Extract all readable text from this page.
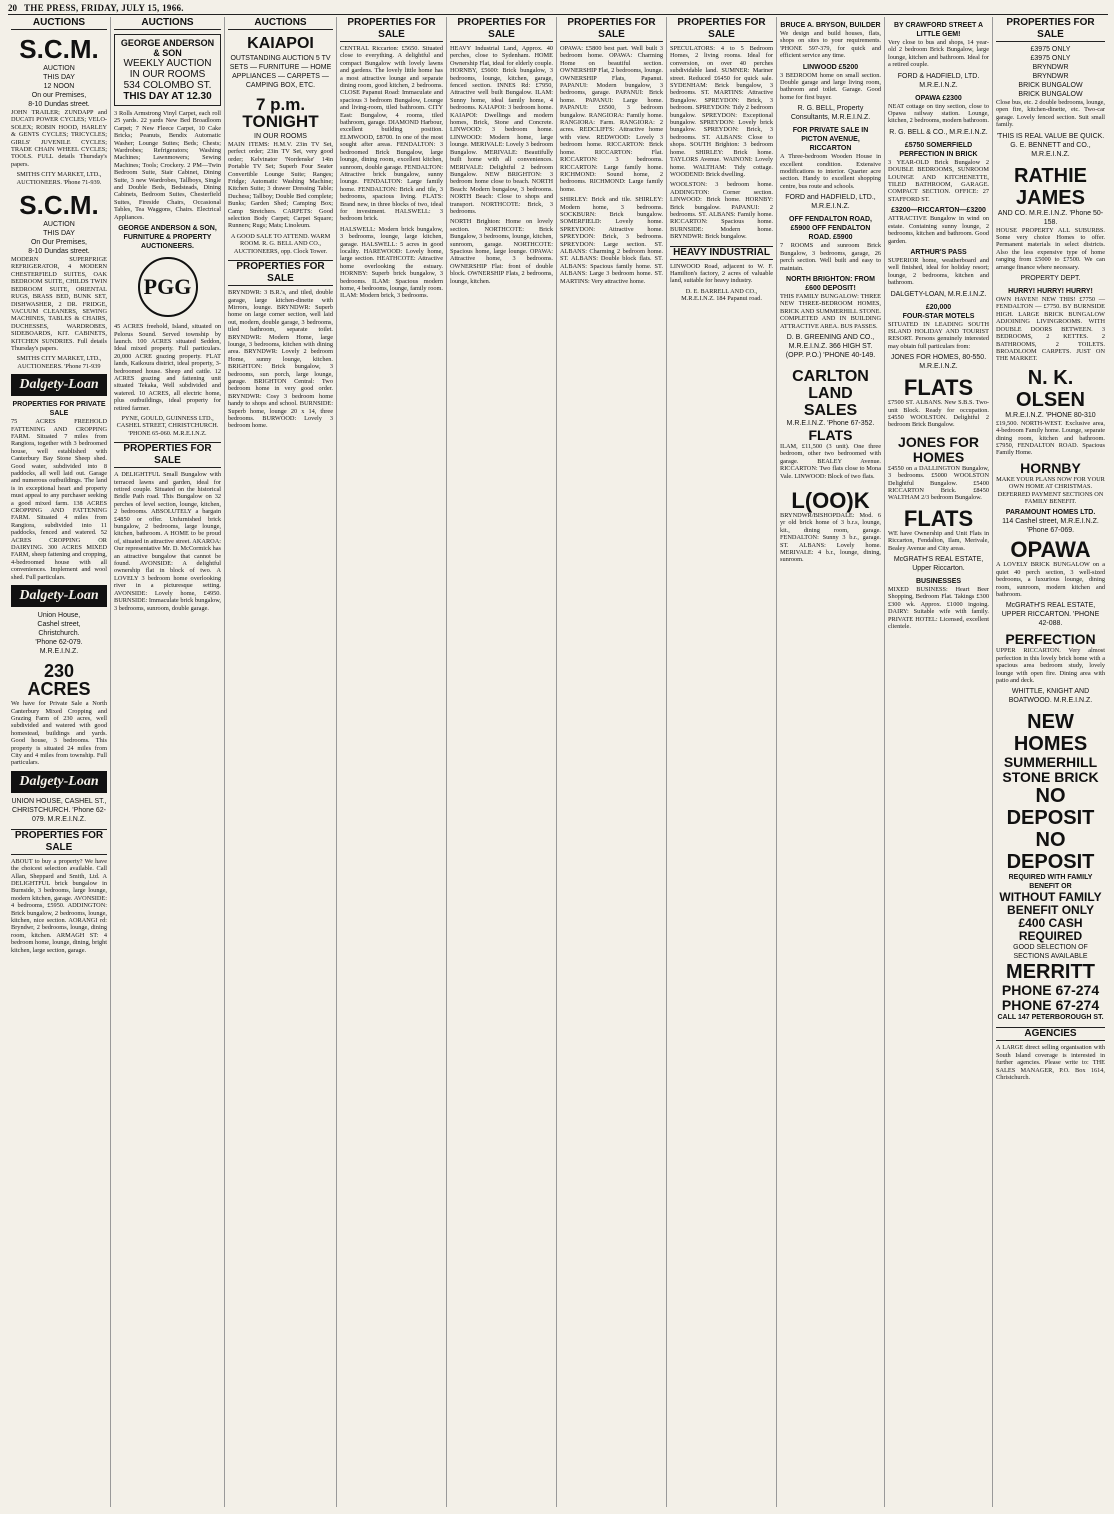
20 THE PRESS, FRIDAY, JULY 15, 1966.
AUCTIONS
S.C.M.
AUCTION
THIS DAY
12 NOON
On our Premises,
8-10 Dundas street.

JOHN TRAILER; ZUNDAPP and DUCATI POWER CYCLES; VELO-SOLEX; ROBIN HOOD, HARLEY & GENTS CYCLES; TRICYCLES; GIRLS' JUVENILE CYCLES; TRADE CHAIN WHEEL CYCLES; TOOLS. FULL details Thursday's papers.

SMITHS CITY MARKET, LTD., AUCTIONEERS. 'Phone 71-939.

S.C.M.
AUCTION
THIS DAY
On Our Premises,
8-10 Dundas street.

MODERN SUPERFRIGE REFRIGERATOR, 4 MODERN CHESTERFIELD SUITES, OAK BEDROOM SUITE, CHILDS TWIN BEDROOM SUITE, ORIENTAL RUGS, BRASS BED, BUNK SET, DISHWASHER, 2 DR. FRIDGE, VACUUM CLEANERS, SEWING MACHINES, TABLES & CHAIRS, DUCHESSES, WARDROBES, SIDEBOARDS, KIT. CABINETS, KITCHEN SUNDRIES. Full details Thursday's papers.

SMITHS CITY MARKET, LTD., AUCTIONEERS. 'Phone 71-939

Dalgety-Loan
PROPERTIES FOR PRIVATE SALE

75 ACRES FREEHOLD FATTENING AND CROPPING FARM. Situated 7 miles from Rangiora, together with 3 bedroomed house, well established with Canterbury Bay Stone Sheep shed. Good water, subdivided into 8 paddocks, all well laid out. Garage and numerous outbuildings. The land is in exceptional heart and property must appeal to any purchaser seeking a good mixed farm. 138 ACRES CROPPING AND FATTENING FARM. Situated 4 miles from Rangiora, subdivided into 11 paddocks, fenced and watered. 52 ACRES CROPPING OR DAIRYING. 300 ACRES MIXED FARM, sheep fattening and cropping, 4-bedroomed house with all conveniences. Implement and wool shed. Full particulars.

Dalgety-Loan
Union House,
Cashel street,
Christchurch.
'Phone 62-079.
M.R.E.I.N.Z.
230 ACRES

We have for Private Sale a North Canterbury Mixed Cropping and Grazing Farm of 230 acres, well subdivided and watered with good homestead, buildings and yards. Good house, 3 bedrooms. This property is situated 24 miles from City and 4 miles from township. Full particulars.

Dalgety-Loan
UNION HOUSE, CASHEL ST., CHRISTCHURCH. 'Phone 62-079. M.R.E.I.N.Z.
PROPERTIES FOR SALE

ABOUT to buy a property? We have the choicest selection available. Call Allan, Sheppard and Smith, Ltd. A DELIGHTFUL brick bungalow in Burnside, 3 bedrooms, large lounge, modern kitchen, garage. AVONSIDE: 4 bedrooms, £5950. ADDINGTON: Brick bungalow, 2 bedrooms, lounge, kitchen, nice section. AORANGI rd: Bryndwr, 2 bedrooms, lounge, dining room, kitchen. ARMAGH ST: 4 bedroom home, lounge, dining, bright kitchen, large section, garage.

AUCTIONS
GEORGE ANDERSON & SON
WEEKLY AUCTION
IN OUR ROOMS
534 COLOMBO ST.
THIS DAY AT 12.30

3 Rolls Armstrong Vinyl Carpet, each roll 25 yards. 22 yards New Bed Broadloom Carpet; 7 New Fleece Carpet, 10 Cake Bricks; Peanuts, Bendix Automatic Washer; Lounge Suites; Beds; Chests; Wardrobes; Refrigerators; Washing Machines; Lawnmowers; Sewing Machines; Tools; Crockery. 2 PM—Twin Bedroom Suite, Stair Cabinet, Dining Suite, 3 new Wardrobes, Tallboys, Single and Double Beds, Bedsteads, Dining Cabinets, Bedroom Suites, Chesterfield Suites, Fireside Chairs, Occasional Tables, Tea Waggons, Chairs. Electrical Appliances.

GEORGE ANDERSON & SON, FURNITURE & PROPERTY AUCTIONEERS.
PGG

45 ACRES freehold, Island, situated on Pelorus Sound. Served township by launch. 100 ACRES situated Seddon, Ideal mixed property. Full particulars. 20,000 ACRE grazing property. FLAT lands, Kaikoura district, ideal property, 3-bedroomed house. Sheep and cattle. 12 ACRES grazing and fattening unit situated Tekaka, Well subdivided and watered. 10 ACRES, all electric home, plus outbuildings, ideal property for retired farmer.

PYNE, GOULD, GUINNESS LTD., CASHEL STREET, CHRISTCHURCH. 'PHONE 65-060. M.R.E.I.N.Z.

PROPERTIES FOR SALE

A DELIGHTFUL Small Bungalow with terraced lawns and garden, ideal for retired couple. Situated on the historical Bridle Path road. This Bungalow on 32 perches of level section, lounge, kitchen, 2 bedrooms. ABSOLUTELY a bargain £4850 or offer. Unfurnished brick bungalow, 2 bedrooms, large lounge, kitchen, bathroom. A HOME to be proud of, situated in attractive street. AKAROA: Our representative Mr. D. McCormick has an attractive bungalow that cannot be found. AVONSIDE: A delightful ownership flat in block of two. A LOVELY 3 bedroom home overlooking river in a picturesque setting. AVONSIDE: Lovely home, £4950. BURNSIDE: Immaculate brick bungalow, 3 bedrooms, sunroom, double garage.

AUCTIONS
KAIAPOI
OUTSTANDING AUCTION 5 TV SETS — FURNITURE — HOME APPLIANCES — CARPETS — CAMPING BOX, ETC.
7 p.m. TONIGHT
IN OUR ROOMS

MAIN ITEMS: H.M.V. 23in TV Set, perfect order; 23in TV Set, very good order; Kelvinator 'Nordenske' 14in Portable TV Set; Superb Four Seater Convertible Lounge Suite; Ranges; Fridge; Automatic Washing Machine; Kitchen Suite; 3 drawer Dressing Table; Duchess; Tallboy; Double Bed complete; Bunks; Garden Shed; Camping Box; Camp Stretchers. CARPETS: Good selection Body Carpet; Carpet Square; Runners; Rugs; Mats; Linoleum.

A GOOD SALE TO ATTEND. WARM ROOM. R. G. BELL AND CO., AUCTIONEERS, opp. Clock Tower.

PROPERTIES FOR SALE

BRYNDWR: 3 B.R.'s, and tiled, double garage, large kitchen-dinette with Mirrors, lounge. BRYNDWR: Superb home on large corner section, well laid out, modern, double garage, 3 bedrooms, tiled bathroom, separate toilet. BRYNDWR: Modern Home, large lounge, 3 bedrooms, kitchen with dining area. BRYNDWR: Lovely 2 bedroom Home, sunny lounge, kitchen. BRIGHTON: Brick bungalow, 3 bedrooms, sun porch, large lounge, garage. BRIGHTON Central: Two bedroom home in very good order. BRYNDWR: Cosy 3 bedroom home handy to shops and school. BURNSIDE: Superb home, lounge 20 x 14, three bedrooms. BURWOOD: Lovely 3 bedroom home.

PROPERTIES FOR SALE

CENTRAL Riccarton: £5650. Situated close to everything. A delightful and compact Bungalow with lovely lawns and gardens. The lovely little home has a most attractive lounge and separate dining room, good kitchen, 2 bedrooms. CLOSE Papanui Road: Immaculate and spacious 3 bedroom Bungalow, Lounge and living-room, tiled bathroom. CITY East: Bungalow, 4 rooms, tiled bathroom, garage. DIAMOND Harbour, excellent building position. ELMWOOD, £8700. In one of the most sought after areas. FENDALTON: 3 bedroomed Brick Bungalow, large lounge, dining room, excellent kitchen, sunroom, double garage. FENDALTON: Attractive brick bungalow, sunny lounge. FENDALTON: Large family home. FENDALTON: Brick and tile, 3 bedrooms, spacious living. FLATS: Brand new, in three blocks of two, ideal for investment. HALSWELL: 3 bedroom brick.

HALSWELL: Modern brick bungalow, 3 bedrooms, lounge, large kitchen, garage. HALSWELL: 5 acres in good locality. HAREWOOD: Lovely home, large section. HEATHCOTE: Attractive home overlooking the estuary. HORNBY: Superb brick bungalow, 3 bedrooms. ILAM: Spacious modern home, 4 bedrooms, lounge, family room. ILAM: Modern brick, 3 bedrooms.

PROPERTIES FOR SALE

HEAVY Industrial Land, Approx. 40 perches, close to Sydenham. HOME Ownership Flat, ideal for elderly couple. HORNBY, £5600: Brick bungalow, 3 bedrooms, lounge, kitchen, garage, fenced section. INNES Rd: £7950, Attractive well built Bungalow. ILAM: Sunny home, ideal family home, 4 bedrooms. KAIAPOI: 3 bedroom home. KAIAPOI: Dwellings and modern homes, Brick, Stone and Concrete. LINWOOD: 3 bedroom home. LINWOOD: Modern home, large lounge. MERIVALE: Lovely 3 bedroom Bungalow. MERIVALE: Beautifully built home with all conveniences. MERIVALE: Delightful 2 bedroom Bungalow. NEW BRIGHTON: 3 bedroom home close to beach. NORTH Beach: Modern bungalow, 3 bedrooms. NORTH Beach: Close to shops and transport. NORTHCOTE: Brick, 3 bedrooms.

NORTH Brighton: Home on lovely section. NORTHCOTE: Brick Bungalow, 3 bedrooms, lounge, kitchen, sunroom, garage. NORTHCOTE: Spacious home, large lounge. OPAWA: Attractive home, 3 bedrooms. OWNERSHIP Flat: front of double block. OWNERSHIP Flats, 2 bedrooms, lounge, kitchen.

PROPERTIES FOR SALE

OPAWA: £5800 best part. Well built 3 bedroom home. OPAWA: Charming Home on beautiful section. OWNERSHIP Flat, 2 bedrooms, lounge. OWNERSHIP Flats, Papanui. PAPANUI: Modern bungalow, 3 bedrooms, garage. PAPANUI: Brick home. PAPANUI: Large home. PAPANUI: £6500, 3 bedroom bungalow. RANGIORA: Family home. RANGIORA: Farm. RANGIORA: 2 acres. REDCLIFFS: Attractive home with view. REDWOOD: Lovely 3 bedroom home. RICCARTON: Brick home. RICCARTON: Flat. RICCARTON: 3 bedrooms. RICCARTON: Large family home. RICHMOND: Sound home, 2 bedrooms. RICHMOND: Large family home.

SHIRLEY: Brick and tile. SHIRLEY: Modern home, 3 bedrooms. SOCKBURN: Brick bungalow. SOMERFIELD: Lovely home. SPREYDON: Attractive home. SPREYDON: Brick, 3 bedrooms. SPREYDON: Large section. ST. ALBANS: Charming 2 bedroom home. ST. ALBANS: Double block flats. ST. ALBANS: Spacious family home. ST. ALBANS: Large 3 bedroom home. ST. MARTINS: Very attractive home.

PROPERTIES FOR SALE

SPECULATORS: 4 to 5 Bedroom Homes, 2 living rooms. Ideal for conversion, on over 40 perches subdividable land. SUMNER: Mariner street. Reduced £6450 for quick sale. SYDENHAM: Brick bungalow, 3 bedrooms. ST. MARTINS: Attractive Bungalow. SPREYDON: Brick, 3 bedroom. SPREYDON: Tidy 2 bedroom bungalow. SPREYDON: Exceptional bungalow. SPREYDON: Lovely brick bungalow. SPREYDON: Brick, 3 bedrooms. ST. ALBANS: Close to shops. SOUTH Brighton: 3 bedroom home. SHIRLEY: Brick home. TAYLORS Avenue. WAINONI: Lovely home. WALTHAM: Tidy cottage. WOODEND: Brick dwelling.

WOOLSTON: 3 bedroom home. ADDINGTON: Corner section. LINWOOD: Brick home. HORNBY: Brick bungalow. PAPANUI: 2 bedrooms. ST. ALBANS: Family home. RICCARTON: Spacious home. BURNSIDE: Modern home. BRYNDWR: Brick bungalow.

HEAVY INDUSTRIAL

LINWOOD Road, adjacent to W. F. Hamilton's factory, 2 acres of valuable land, suitable for heavy industry.

D. E. BARRELL AND CO., M.R.E.I.N.Z. 184 Papanui road.

BRUCE A. BRYSON, BUILDER

We design and build houses, flats, shops on sites to your requirements. 'PHONE 597-379, for quick and efficient service any time.

LINWOOD £5200

3 BEDROOM home on small section. Double garage and large living room, bathroom and toilet. Garage. Good home for first buyer.

R. G. BELL, Property Consultants, M.R.E.I.N.Z.
FOR PRIVATE SALE IN PICTON AVENUE, RICCARTON

A Three-bedroom Wooden House in excellent condition. Extensive modifications to interior. Quarter acre section. Handy to excellent shopping centre, bus route and schools.

FORD and HADFIELD, LTD., M.R.E.I.N.Z.
OFF FENDALTON ROAD, £5900 OFF FENDALTON ROAD. £5900

7 ROOMS and sunroom Brick Bungalow, 3 bedrooms, garage, 26 perch section. Well built and easy to maintain.

NORTH BRIGHTON: FROM £600 DEPOSIT!

THIS FAMILY BUNGALOW: THREE NEW THREE-BEDROOM HOMES, BRICK AND SUMMERHILL STONE. COMPLETED AND IN BUILDING ATTRACTIVE AREA. BUS PASSES.

D. B. GREENING AND CO., M.R.E.I.N.Z. 366 HIGH ST. (OPP. P.O.) 'PHONE 40-149.
CARLTON LAND SALES
M.R.E.I.N.Z. 'Phone 67-352.
FLATS

ILAM, £11,500 (3 unit). One three bedroom, other two bedroomed with garage. BEALEY Avenue. RICCARTON: Two flats close to Mona Vale. LINWOOD: Block of two flats.

L(OO)K

BRYNDWR/BISHOPDALE: Mod. 6 yr old brick home of 3 b.r.s, lounge, kit., dining room, garage. FENDALTON: Sunny 3 b.r., garage. ST. ALBANS: Lovely home. MERIVALE: 4 b.r., lounge, dining, sunroom.

BY CRAWFORD STREET A LITTLE GEM!

Very close to bus and shops, 14 year-old 2 bedroom Brick Bungalow, large lounge, kitchen and bathroom. Ideal for a retired couple.

FORD & HADFIELD, LTD. M.R.E.I.N.Z.
OPAWA £2300

NEAT cottage on tiny section, close to Opawa railway station. Lounge, kitchen, 2 bedrooms, modern bathroom.

R. G. BELL & CO., M.R.E.I.N.Z.
£5750 SOMERFIELD PERFECTION IN BRICK

3 YEAR-OLD Brick Bungalow 2 DOUBLE BEDROOMS, SUNROOM LOUNGE AND KITCHENETTE, TILED BATHROOM, GARAGE. COMPACT SECTION. OFFICE: 27 STAFFORD ST.

£3200—RICCARTON—£3200

ATTRACTIVE Bungalow in wind on estate. Containing sunny lounge, 2 bedrooms, kitchen and bathroom. Good garden.

ARTHUR'S PASS

SUPERIOR home, weatherboard and well finished, ideal for holiday resort; lounge, 2 bedrooms, kitchen and bathroom.

DALGETY-LOAN, M.R.E.I.N.Z.
£20,000
FOUR-STAR MOTELS

SITUATED IN LEADING SOUTH ISLAND HOLIDAY AND TOURIST RESORT. Persons genuinely interested may obtain full particulars from:

JONES FOR HOMES, 80-550. M.R.E.I.N.Z.
FLATS

£7500 ST. ALBANS. New S.B.S. Two-unit Block. Ready for occupation. £4550 WOOLSTON. Delightful 2 bedroom Brick Bungalow.

JONES FOR HOMES

£4550 on a DALLINGTON Bungalow, 3 bedrooms. £5000 WOOLSTON Delightful Bungalow. £5400 RICCARTON Brick. £8450 WALTHAM 2/3 bedroom Bungalow.

FLATS

WE have Ownership and Unit Flats in Riccarton, Fendalton, Ilam, Merivale, Bealey Avenue and City areas.

McGRATH'S REAL ESTATE, Upper Riccarton.
BUSINESSES

MIXED BUSINESS: Heart Beer Shopping, Bedroom Flat. Takings £300 £300 wk. Approx. £1000 ingoing. DAIRY: Suitable wife with family. PRIVATE HOTEL: Licensed, excellent clientele.

PROPERTIES FOR SALE
£3975 ONLY
£3975 ONLY
BRYNDWR
BRYNDWR
BRICK BUNGALOW
BRICK BUNGALOW

Close bus, etc. 2 double bedrooms, lounge, open fire, kitchen-dinette, etc. Two-car garage. Lovely fenced section. Suit small family.

'THIS IS REAL VALUE BE QUICK. G. E. BENNETT and CO., M.R.E.I.N.Z.
RATHIE JAMES
AND CO. M.R.E.I.N.Z. 'Phone 50-158.

HOUSE PROPERTY ALL SUBURBS. Some very choice Homes to offer. Permanent materials in select districts. Also the less expensive type of home ranging from £5000 to £7500. We can arrange finance where necessary.

PROPERTY DEPT.
HURRY! HURRY! HURRY!

OWN HAVEN! NEW THIS! £7750 — FENDALTON — £7750. BY BURNSIDE HIGH. LARGE BRICK BUNGALOW ADJOINING LIVINGROOMS. WITH DOUBLE DOORS BETWEEN. 3 BEDROOMS, 2 KETTES. 2 BATHROOMS, 2 TOILETS. BROADLOOM CARPETS. JUST ON THE MARKET.

N. K. OLSEN
M.R.E.I.N.Z. 'PHONE 80-310

£19,500. NORTH-WEST. Exclusive area, 4-bedroom Family home. Lounge, separate dining room, kitchen and bathroom. £7950, FENDALTON ROAD. Spacious Family Home.

HORNBY

MAKE YOUR PLANS NOW FOR YOUR OWN HOME AT CHRISTMAS. DEFERRED PAYMENT SECTIONS ON FAMILY BENEFIT.

PARAMOUNT HOMES LTD.
114 Cashel street, M.R.E.I.N.Z. 'Phone 67-069.
OPAWA

A LOVELY BRICK BUNGALOW on a quiet 40 perch section, 3 well-sized bedrooms, a luxurious lounge, dining room, sunroom, modern kitchen and bathroom.

McGRATH'S REAL ESTATE, UPPER RICCARTON. 'PHONE 42-088.
PERFECTION

UPPER RICCARTON. Very almost perfection in this lovely brick home with a spacious area bedroom study, lovely lounge with open fire. Dining area with patio and deck.

WHITTLE, KNIGHT AND BOATWOOD. M.R.E.I.N.Z.
NEW HOMES
SUMMERHILL STONE BRICK
NO DEPOSIT
NO DEPOSIT
REQUIRED WITH FAMILY BENEFIT OR
WITHOUT FAMILY BENEFIT ONLY £400 CASH REQUIRED
GOOD SELECTION OF SECTIONS AVAILABLE
MERRITT
PHONE 67-274
PHONE 67-274
CALL 147 PETERBOROUGH ST.
AGENCIES

A LARGE direct selling organisation with South Island coverage is interested in further agencies. Please write to: THE SALES MANAGER, P.O. Box 1614, Christchurch.
